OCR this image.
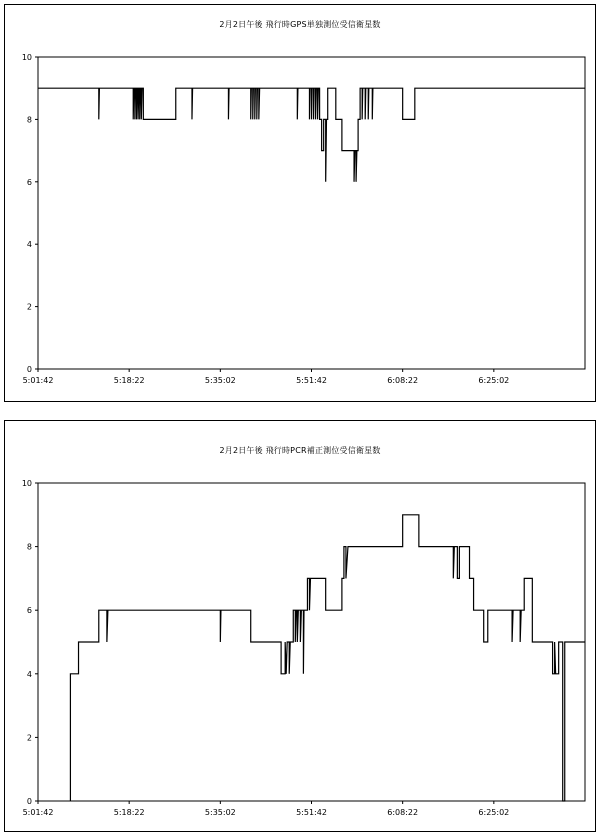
2月2日午後 飛行時GPS単独測位受信衛星数
0
2
4
6
8
10
5:01:42	5:18:22	5:35:02	5:51:42	6:08:22	6:25:02
2月2日午後 飛行時PCR補正測位受信衛星数
0
2
4
6
8
10
5:01:42	5:18:22	5:35:02	5:51:42	6:08:22	6:25:02
